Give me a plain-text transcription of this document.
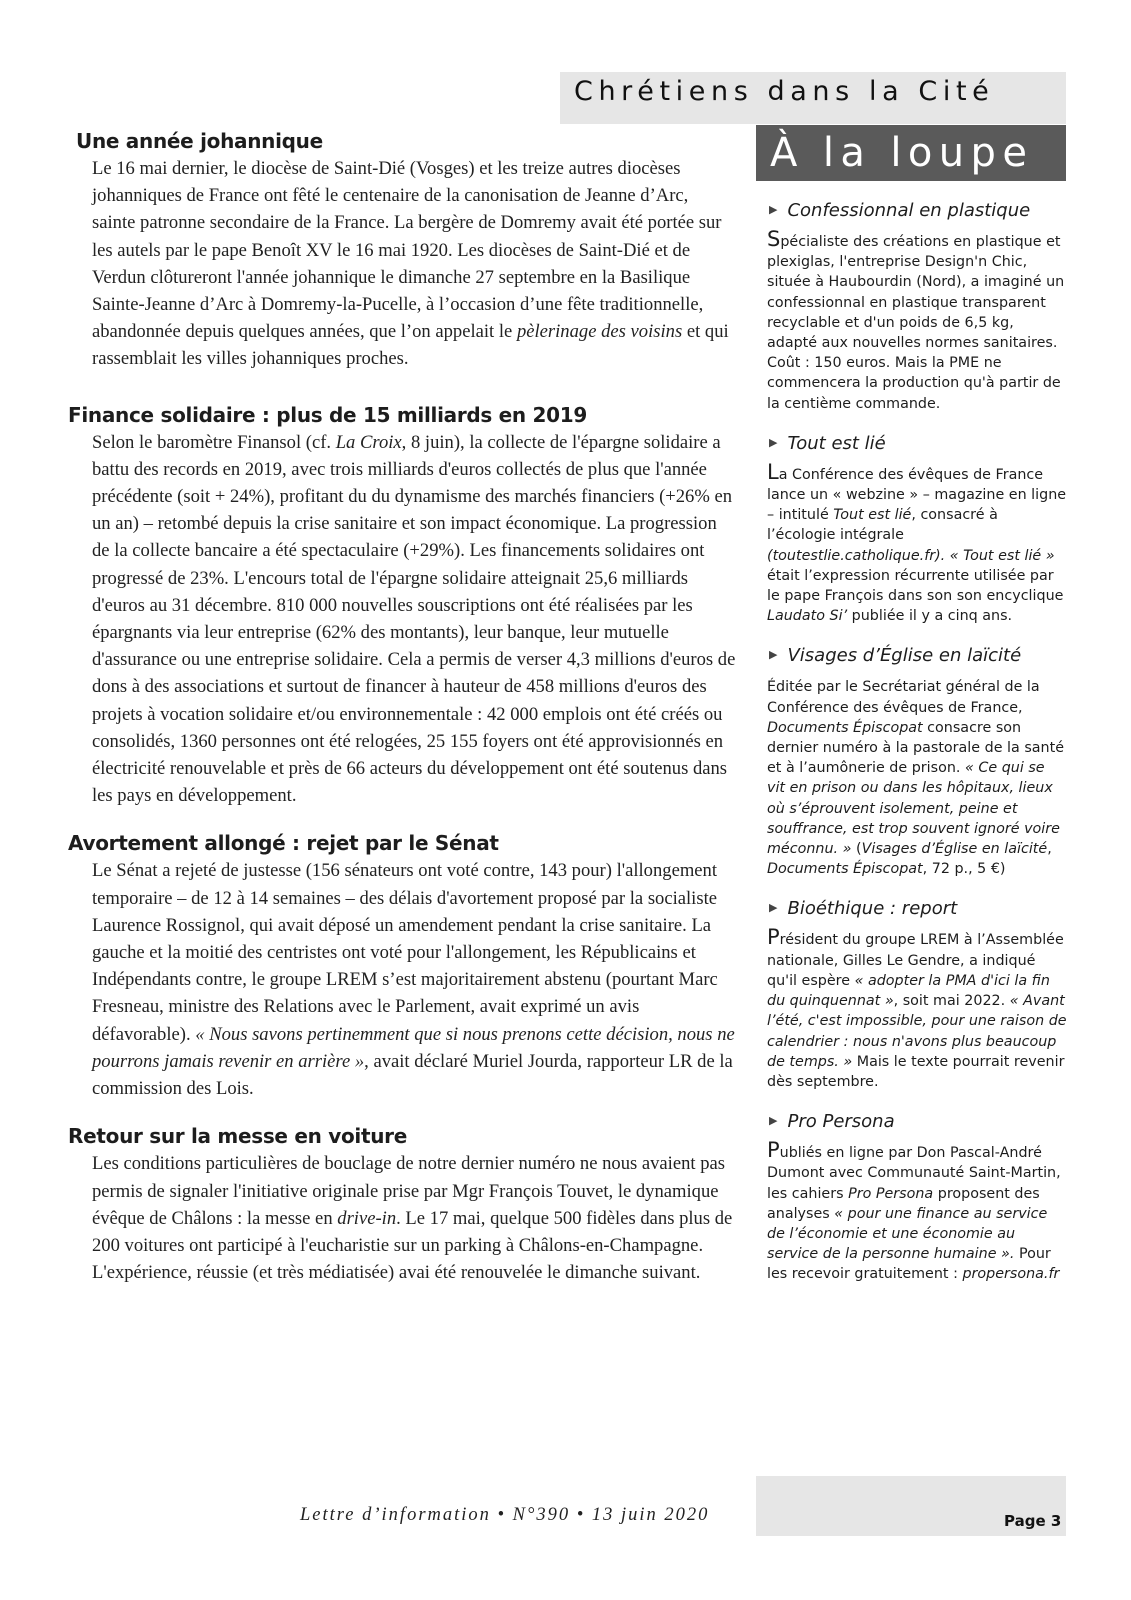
Chrétiens dans la Cité
À la loupe
Une année johannique

Le 16 mai dernier, le diocèse de Saint-Dié (Vosges) et les treize autres diocèses johanniques de France ont fêté le centenaire de la canonisation de Jeanne d’Arc, sainte patronne secondaire de la France. La bergère de Domremy avait été portée sur les autels par le pape Benoît XV le 16 mai 1920. Les diocèses de Saint-Dié et de Verdun clôtureront l'année johannique le dimanche 27 septembre en la Basilique Sainte-Jeanne d’Arc à Domremy-la-Pucelle, à l’occasion d’une fête traditionnelle, abandonnée depuis quelques années, que l’on appelait le pèlerinage des voisins et qui rassemblait les villes johanniques proches.

Finance solidaire : plus de 15 milliards en 2019

Selon le baromètre Finansol (cf. La Croix, 8 juin), la collecte de l'épargne solidaire a battu des records en 2019, avec trois milliards d'euros collectés de plus que l'année précédente (soit + 24%), profitant du du dynamisme des marchés financiers (+26% en un an) – retombé depuis la crise sanitaire et son impact économique. La progression de la collecte bancaire a été spectaculaire (+29%). Les financements solidaires ont progressé de 23%. L'encours total de l'épargne solidaire atteignait 25,6 milliards d'euros au 31 décembre. 810 000 nouvelles souscriptions ont été réalisées par les épargnants via leur entreprise (62% des montants), leur banque, leur mutuelle d'assurance ou une entreprise solidaire. Cela a permis de verser 4,3 millions d'euros de dons à des associations et surtout de financer à hauteur de 458 millions d'euros des projets à vocation solidaire et/ou environnementale : 42 000 emplois ont été créés ou consolidés, 1360 personnes ont été relogées, 25 155 foyers ont été approvisionnés en électricité renouvelable et près de 66 acteurs du développement ont été soutenus dans les pays en développement.

Avortement allongé : rejet par le Sénat

Le Sénat a rejeté de justesse (156 sénateurs ont voté contre, 143 pour) l'allongement temporaire – de 12 à 14 semaines – des délais d'avortement proposé par la socialiste Laurence Rossignol, qui avait déposé un amendement pendant la crise sanitaire. La gauche et la moitié des centristes ont voté pour l'allongement, les Républicains et Indépendants contre, le groupe LREM s’est majoritairement abstenu (pourtant Marc Fresneau, ministre des Relations avec le Parlement, avait exprimé un avis défavorable). « Nous savons pertinemment que si nous prenons cette décision, nous ne pourrons jamais revenir en arrière », avait déclaré Muriel Jourda, rapporteur LR de la commission des Lois.

Retour sur la messe en voiture

Les conditions particulières de bouclage de notre dernier numéro ne nous avaient pas permis de signaler l'initiative originale prise par Mgr François Touvet, le dynamique évêque de Châlons : la messe en drive-in. Le 17 mai, quelque 500 fidèles dans plus de 200 voitures ont participé à l'eucharistie sur un parking à Châlons-en-Champagne. L'expérience, réussie (et très médiatisée) avai été renouvelée le dimanche suivant.

▶ Confessionnal en plastique

Spécialiste des créations en plastique et plexiglas, l'entreprise Design'n Chic, située à Haubourdin (Nord), a imaginé un confessionnal en plastique transparent recyclable et d'un poids de 6,5 kg, adapté aux nouvelles normes sanitaires. Coût : 150 euros. Mais la PME ne commencera la production qu'à partir de la centième commande.

▶ Tout est lié

La Conférence des évêques de France lance un « webzine » – magazine en ligne – intitulé Tout est lié, consacré à l’écologie intégrale (toutestlie.catholique.fr). « Tout est lié » était l’expression récurrente utilisée par le pape François dans son son encyclique Laudato Si’ publiée il y a cinq ans.

▶ Visages d’Église en laïcité

Éditée par le Secrétariat général de la Conférence des évêques de France, Documents Épiscopat consacre son dernier numéro à la pastorale de la santé et à l’aumônerie de prison. « Ce qui se vit en prison ou dans les hôpitaux, lieux où s’éprouvent isolement, peine et souffrance, est trop souvent ignoré voire méconnu. » (Visages d’Église en laïcité, Documents Épiscopat, 72 p., 5 €)

▶ Bioéthique : report

Président du groupe LREM à l’Assemblée nationale, Gilles Le Gendre, a indiqué qu'il espère « adopter la PMA d'ici la fin du quinquennat », soit mai 2022. « Avant l’été, c'est impossible, pour une raison de calendrier : nous n'avons plus beaucoup de temps. » Mais le texte pourrait revenir dès septembre.

▶ Pro Persona

Publiés en ligne par Don Pascal-André Dumont avec Communauté Saint-Martin, les cahiers Pro Persona proposent des analyses « pour une finance au service de l’économie et une économie au service de la personne humaine ». Pour les recevoir gratuitement : propersona.fr

Lettre d’information • N°390 • 13 juin 2020	Page 3
